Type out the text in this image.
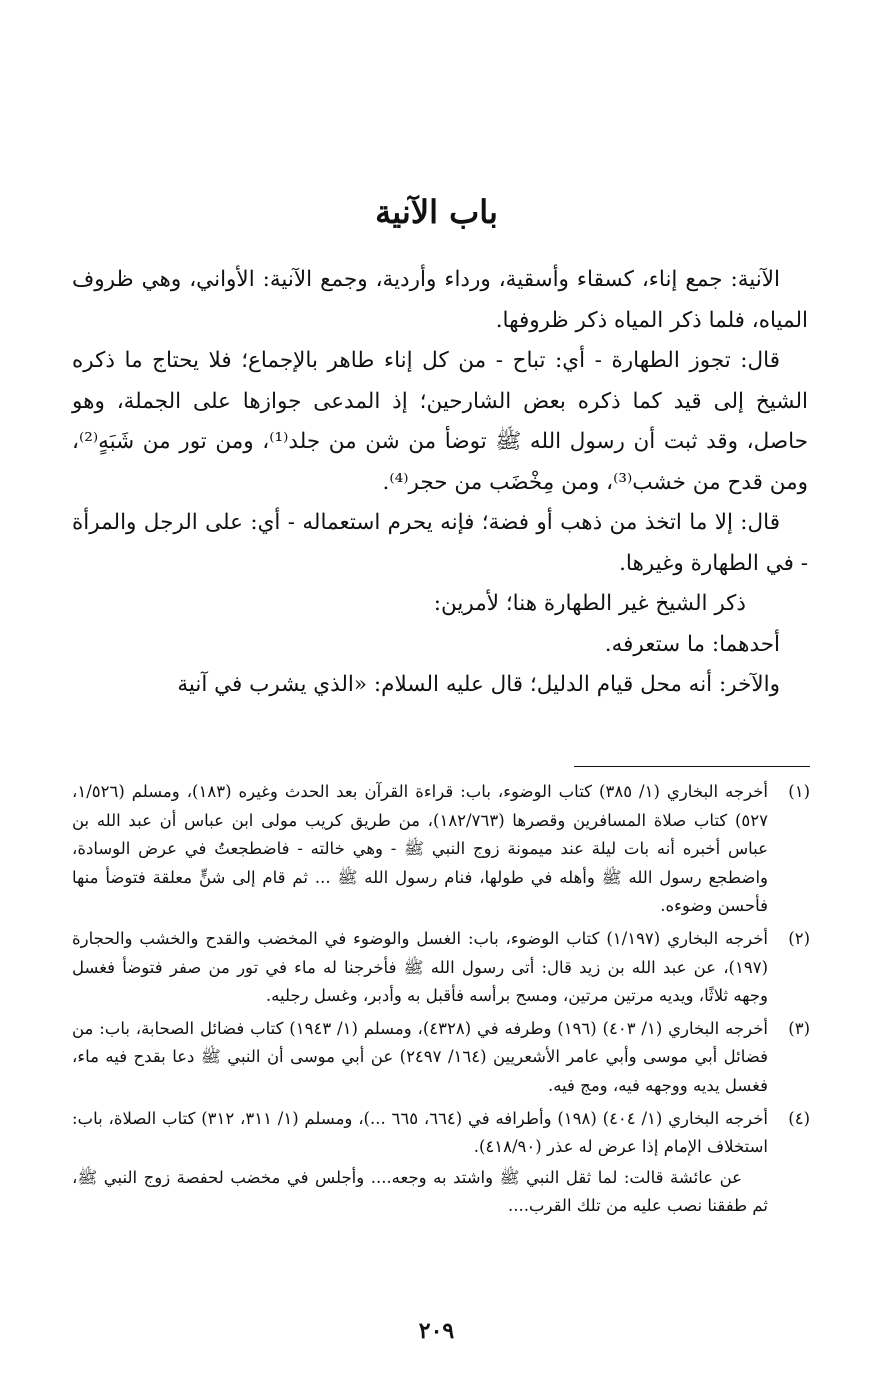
باب الآنية

الآنية: جمع إناء، كسقاء وأسقية، ورداء وأردية، وجمع الآنية: الأواني، وهي ظروف المياه، فلما ذكر المياه ذكر ظروفها.

قال: تجوز الطهارة - أي: تباح - من كل إناء طاهر بالإجماع؛ فلا يحتاج ما ذكره الشيخ إلى قيد كما ذكره بعض الشارحين؛ إذ المدعى جوازها على الجملة، وهو حاصل، وقد ثبت أن رسول الله ﷺ توضأ من شن من جلد⁽¹⁾، ومن تور من شَبَهٍ⁽²⁾، ومن قدح من خشب⁽³⁾، ومن مِخْضَب من حجر⁽⁴⁾.

قال: إلا ما اتخذ من ذهب أو فضة؛ فإنه يحرم استعماله - أي: على الرجل والمرأة - في الطهارة وغيرها.

ذكر الشيخ غير الطهارة هنا؛ لأمرين:

أحدهما: ما ستعرفه.

والآخر: أنه محل قيام الدليل؛ قال عليه السلام: «الذي يشرب في آنية

(١)
أخرجه البخاري (١/ ٣٨٥) كتاب الوضوء، باب: قراءة القرآن بعد الحدث وغيره (١٨٣)، ومسلم (١/٥٢٦، ٥٢٧) كتاب صلاة المسافرين وقصرها (١٨٢/٧٦٣)، من طريق كريب مولى ابن عباس أن عبد الله بن عباس أخبره أنه بات ليلة عند ميمونة زوج النبي ﷺ - وهي خالته - فاضطجعتُ في عرض الوسادة، واضطجع رسول الله ﷺ وأهله في طولها، فنام رسول الله ﷺ ... ثم قام إلى شنٍّ معلقة فتوضأ منها فأحسن وضوءه.
(٢)
أخرجه البخاري (١/١٩٧) كتاب الوضوء، باب: الغسل والوضوء في المخضب والقدح والخشب والحجارة (١٩٧)، عن عبد الله بن زيد قال: أتى رسول الله ﷺ فأخرجنا له ماء في تور من صفر فتوضأ فغسل وجهه ثلاثًا، ويديه مرتين مرتين، ومسح برأسه فأقبل به وأدبر، وغسل رجليه.
(٣)
أخرجه البخاري (١/ ٤٠٣) (١٩٦) وطرفه في (٤٣٢٨)، ومسلم (١/ ١٩٤٣) كتاب فضائل الصحابة، باب: من فضائل أبي موسى وأبي عامر الأشعريين (١٦٤/ ٢٤٩٧) عن أبي موسى أن النبي ﷺ دعا بقدح فيه ماء، فغسل يديه ووجهه فيه، ومج فيه.
(٤)
أخرجه البخاري (١/ ٤٠٤) (١٩٨) وأطرافه في (٦٦٤، ٦٦٥ ...)، ومسلم (١/ ٣١١، ٣١٢) كتاب الصلاة، باب: استخلاف الإمام إذا عرض له عذر (٤١٨/٩٠).

عن عائشة قالت: لما ثقل النبي ﷺ واشتد به وجعه.... وأجلس في مخضب لحفصة زوج النبي ﷺ، ثم طفقنا نصب عليه من تلك القرب....

٢٠٩
